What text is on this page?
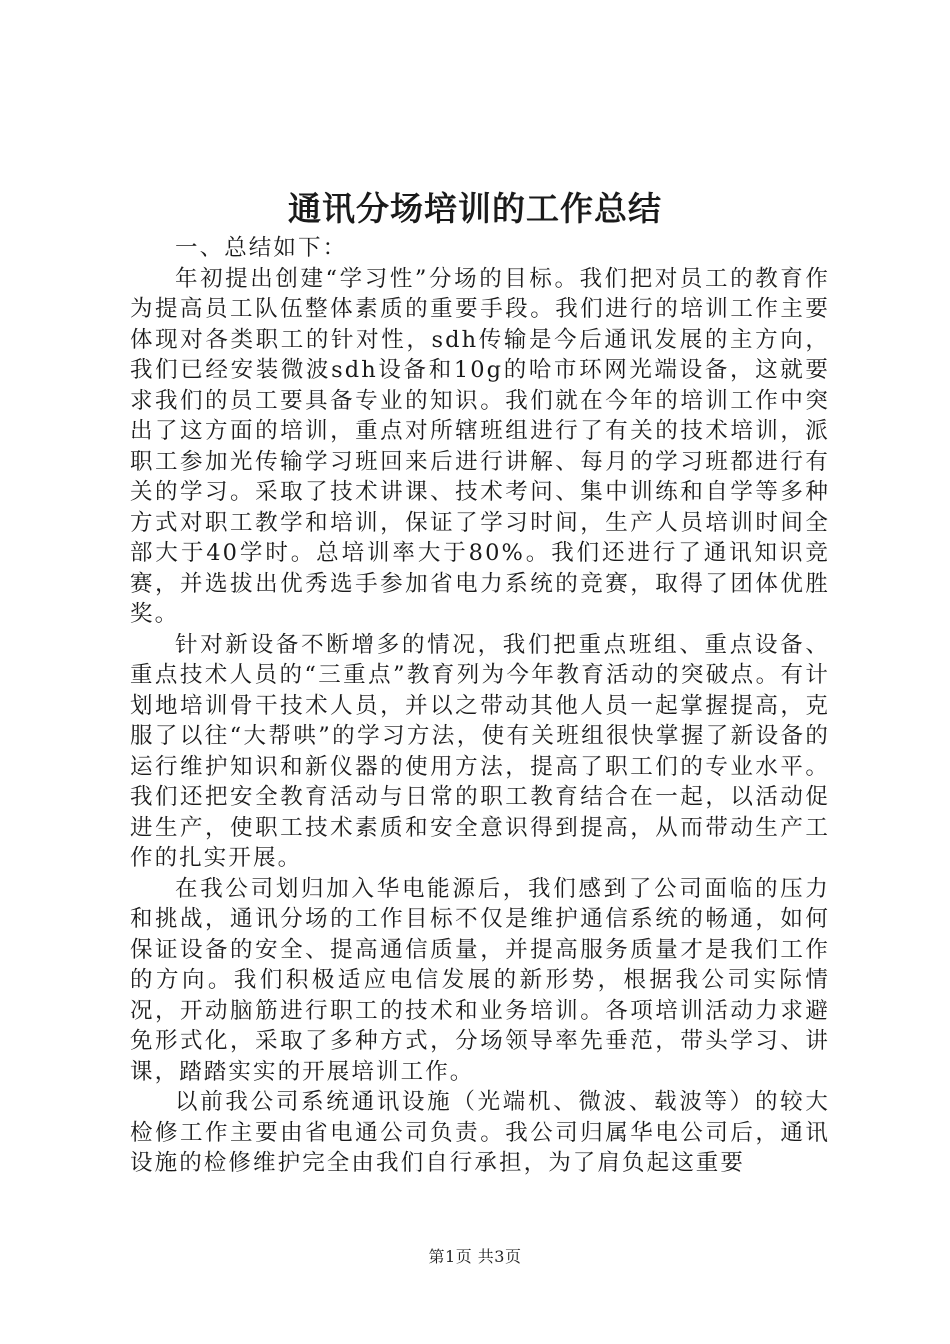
通讯分场培训的工作总结

一、总结如下：

年初提出创建“学习性”分场的目标。我们把对员工的教育作为提高员工队伍整体素质的重要手段。我们进行的培训工作主要体现对各类职工的针对性，sdh传输是今后通讯发展的主方向，我们已经安装微波sdh设备和10g的哈市环网光端设备，这就要求我们的员工要具备专业的知识。我们就在今年的培训工作中突出了这方面的培训，重点对所辖班组进行了有关的技术培训，派职工参加光传输学习班回来后进行讲解、每月的学习班都进行有关的学习。采取了技术讲课、技术考问、集中训练和自学等多种方式对职工教学和培训，保证了学习时间，生产人员培训时间全部大于40学时。总培训率大于80%。我们还进行了通讯知识竞赛，并选拔出优秀选手参加省电力系统的竞赛，取得了团体优胜奖。

针对新设备不断增多的情况，我们把重点班组、重点设备、重点技术人员的“三重点”教育列为今年教育活动的突破点。有计划地培训骨干技术人员，并以之带动其他人员一起掌握提高，克服了以往“大帮哄”的学习方法，使有关班组很快掌握了新设备的运行维护知识和新仪器的使用方法，提高了职工们的专业水平。我们还把安全教育活动与日常的职工教育结合在一起，以活动促进生产，使职工技术素质和安全意识得到提高，从而带动生产工作的扎实开展。

在我公司划归加入华电能源后，我们感到了公司面临的压力和挑战，通讯分场的工作目标不仅是维护通信系统的畅通，如何保证设备的安全、提高通信质量，并提高服务质量才是我们工作的方向。我们积极适应电信发展的新形势，根据我公司实际情况，开动脑筋进行职工的技术和业务培训。各项培训活动力求避免形式化，采取了多种方式，分场领导率先垂范，带头学习、讲课，踏踏实实的开展培训工作。

以前我公司系统通讯设施（光端机、微波、载波等）的较大检修工作主要由省电通公司负责。我公司归属华电公司后，通讯设施的检修维护完全由我们自行承担，为了肩负起这重要

第1页 共3页
